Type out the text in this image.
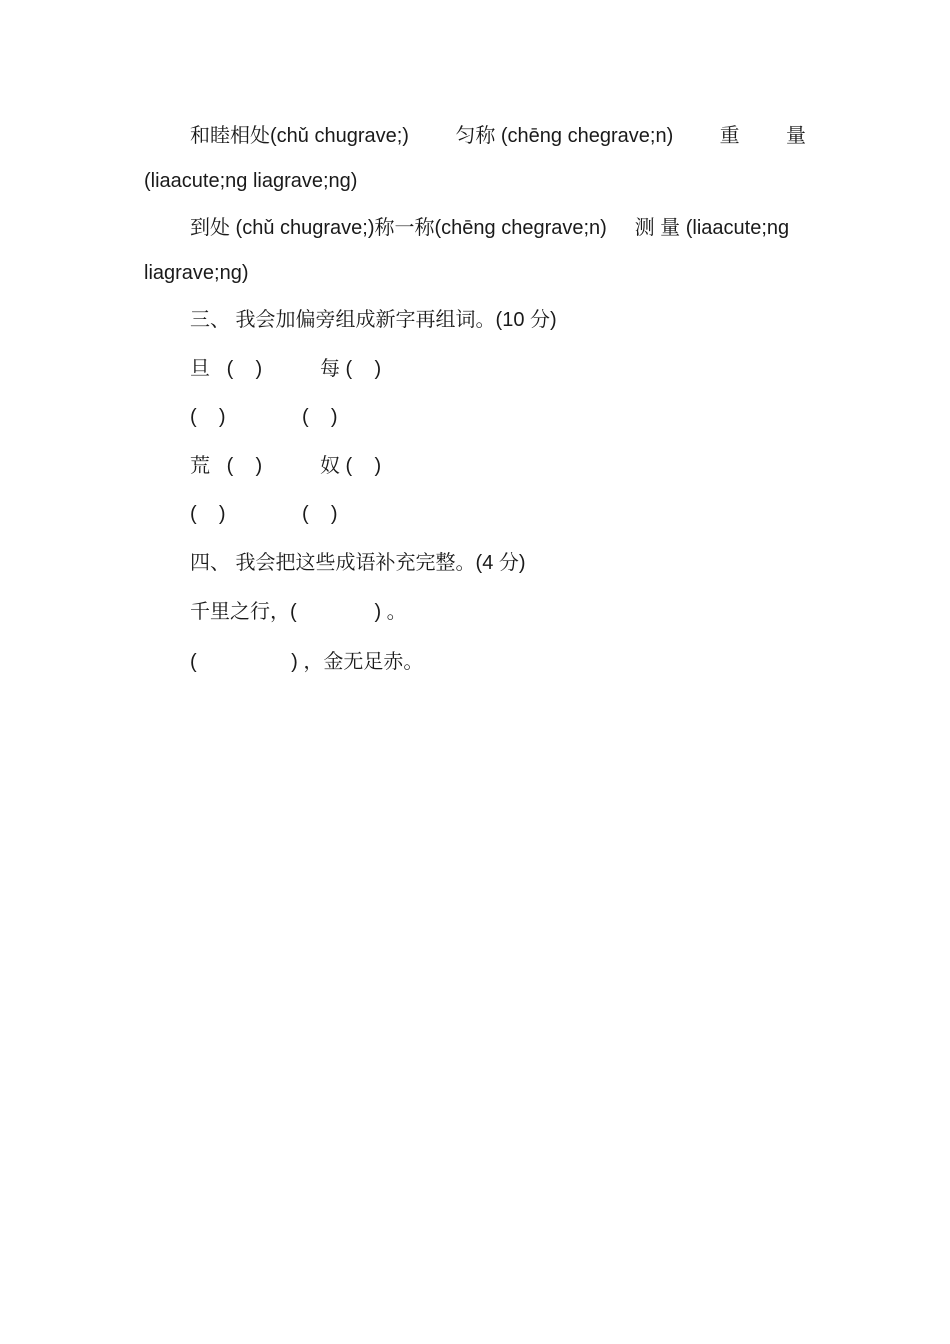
和睦相处(chǔ chugrave;) 匀称 (chēng chegrave;n) 重 量
(liaacute;ng liagrave;ng)
到处 (chǔ chugrave;)称一称(chēng chegrave;n)     测 量 (liaacute;ng
liagrave;ng)
三、 我会加偏旁组成新字再组词。(10 分)
旦   (    )	每 (    )
(    )	(    )
荒   (    )	奴 (    )
(    )	(    )
四、 我会把这些成语补充完整。(4 分)
千里之行，(              ) 。
(                 ) ，金无足赤。
